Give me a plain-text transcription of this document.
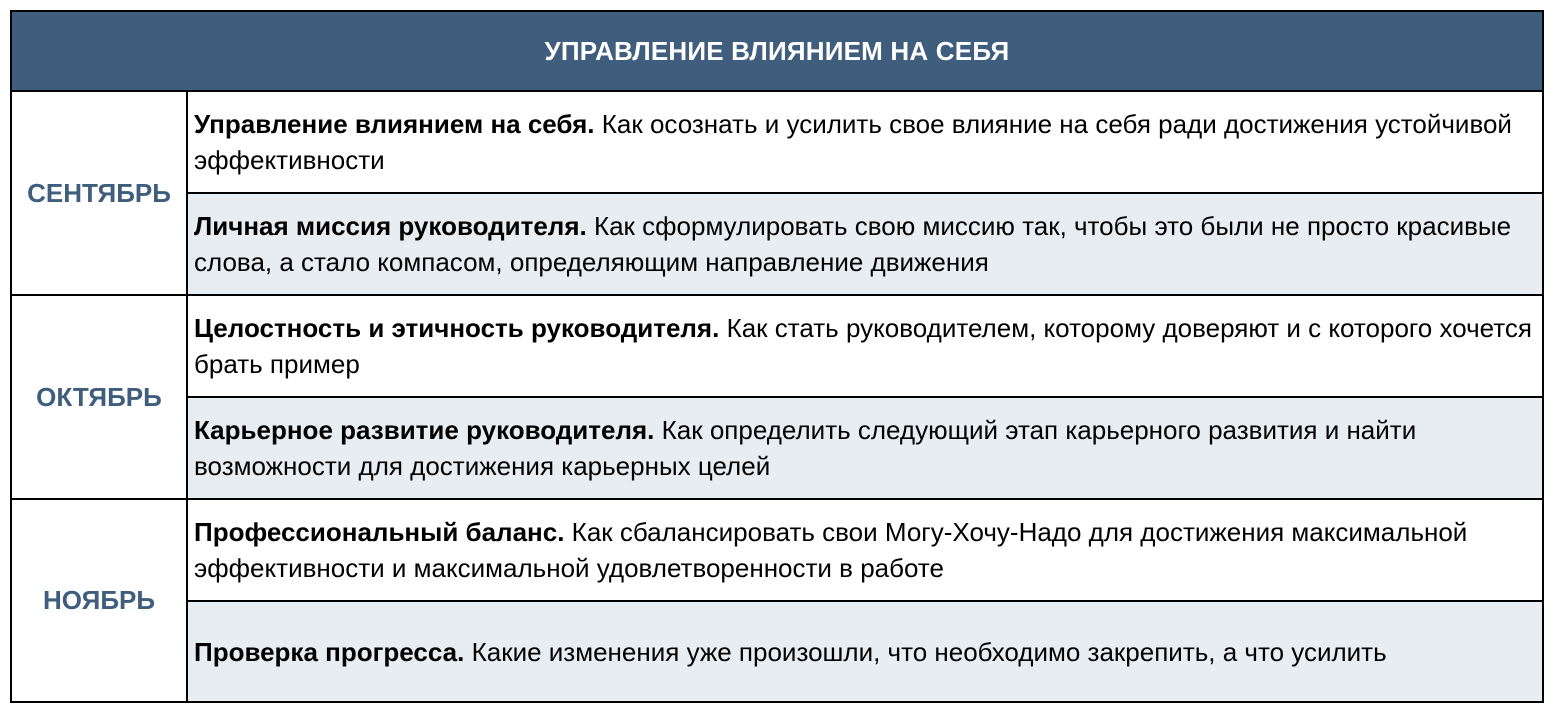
УПРАВЛЕНИЕ ВЛИЯНИЕМ НА СЕБЯ
СЕНТЯБРЬ

Управление влиянием на себя. Как осознать и усилить свое влияние на себя ради достижения устойчивой эффективности

Личная миссия руководителя. Как сформулировать свою миссию так, чтобы это были не просто красивые слова, а стало компасом, определяющим направление движения

ОКТЯБРЬ

Целостность и этичность руководителя. Как стать руководителем, которому доверяют и с которого хочется брать пример

Карьерное развитие руководителя. Как определить следующий этап карьерного развития и найти возможности для достижения карьерных целей

НОЯБРЬ

Профессиональный баланс. Как сбалансировать свои Могу-Хочу-Надо для достижения максимальной эффективности и максимальной удовлетворенности в работе

Проверка прогресса. Какие изменения уже произошли, что необходимо закрепить, а что усилить
